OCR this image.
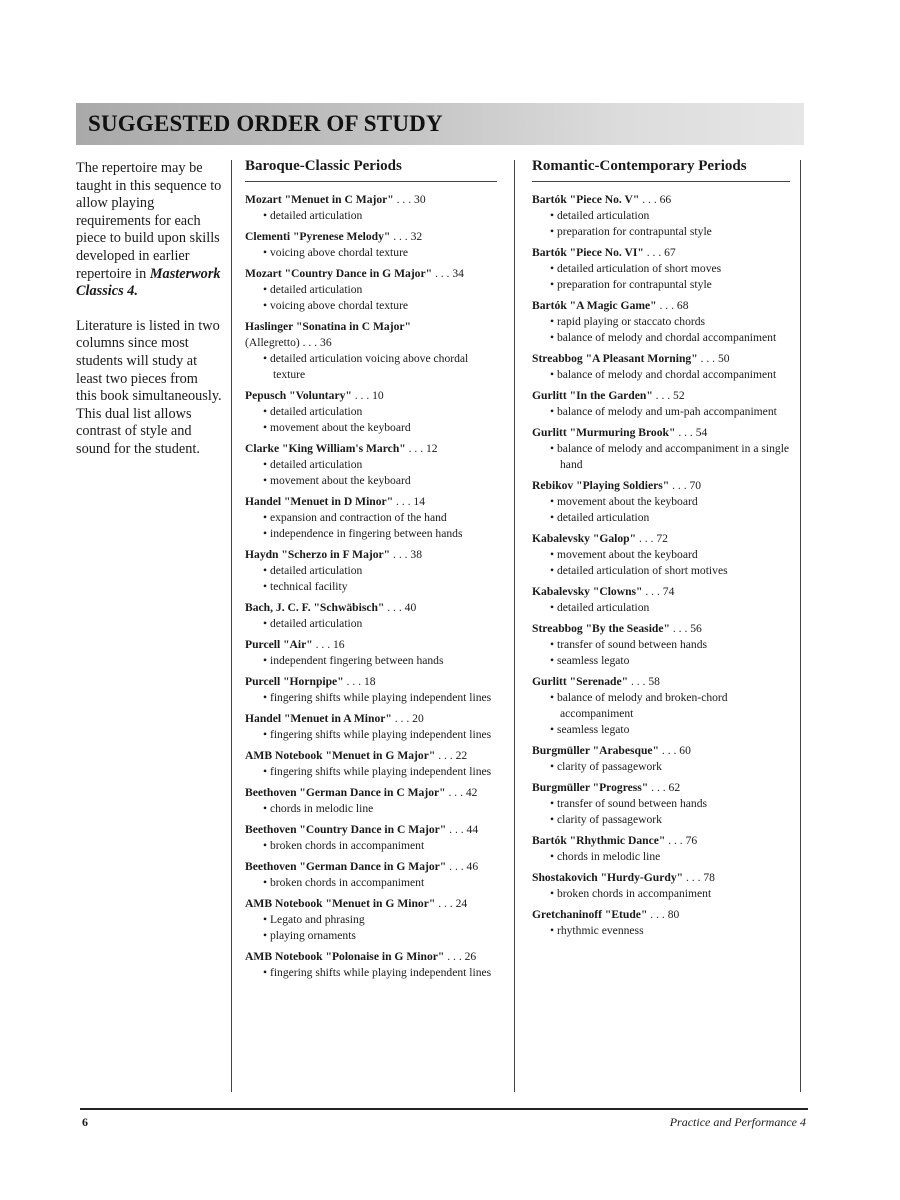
SUGGESTED ORDER OF STUDY

The repertoire may be taught in this sequence to allow playing requirements for each piece to build upon skills developed in earlier repertoire in Masterwork Classics 4.

Literature is listed in two columns since most students will study at least two pieces from this book simultaneously. This dual list allows contrast of style and sound for the student.

Baroque-Classic Periods
Mozart "Menuet in C Major" . . . 30
• detailed articulation
Clementi "Pyrenese Melody" . . . 32
• voicing above chordal texture
Mozart "Country Dance in G Major" . . . 34
• detailed articulation
• voicing above chordal texture
Haslinger "Sonatina in C Major"
(Allegretto) . . . 36
• detailed articulation voicing above chordal texture
Pepusch "Voluntary" . . . 10
• detailed articulation
• movement about the keyboard
Clarke "King William's March" . . . 12
• detailed articulation
• movement about the keyboard
Handel "Menuet in D Minor" . . . 14
• expansion and contraction of the hand
• independence in fingering between hands
Haydn "Scherzo in F Major" . . . 38
• detailed articulation
• technical facility
Bach, J. C. F. "Schwäbisch" . . . 40
• detailed articulation
Purcell "Air" . . . 16
• independent fingering between hands
Purcell "Hornpipe" . . . 18
• fingering shifts while playing independent lines
Handel "Menuet in A Minor" . . . 20
• fingering shifts while playing independent lines
AMB Notebook "Menuet in G Major" . . . 22
• fingering shifts while playing independent lines
Beethoven "German Dance in C Major" . . . 42
• chords in melodic line
Beethoven "Country Dance in C Major" . . . 44
• broken chords in accompaniment
Beethoven "German Dance in G Major" . . . 46
• broken chords in accompaniment
AMB Notebook "Menuet in G Minor" . . . 24
• Legato and phrasing
• playing ornaments
AMB Notebook "Polonaise in G Minor" . . . 26
• fingering shifts while playing independent lines
Romantic-Contemporary Periods
Bartók "Piece No. V" . . . 66
• detailed articulation
• preparation for contrapuntal style
Bartók "Piece No. VI" . . . 67
• detailed articulation of short moves
• preparation for contrapuntal style
Bartók "A Magic Game" . . . 68
• rapid playing or staccato chords
• balance of melody and chordal accompaniment
Streabbog "A Pleasant Morning" . . . 50
• balance of melody and chordal accompaniment
Gurlitt "In the Garden" . . . 52
• balance of melody and um-pah accompaniment
Gurlitt "Murmuring Brook" . . . 54
• balance of melody and accompaniment in a single hand
Rebikov "Playing Soldiers" . . . 70
• movement about the keyboard
• detailed articulation
Kabalevsky "Galop" . . . 72
• movement about the keyboard
• detailed articulation of short motives
Kabalevsky "Clowns" . . . 74
• detailed articulation
Streabbog "By the Seaside" . . . 56
• transfer of sound between hands
• seamless legato
Gurlitt "Serenade" . . . 58
• balance of melody and broken-chord accompaniment
• seamless legato
Burgmüller "Arabesque" . . . 60
• clarity of passagework
Burgmüller "Progress" . . . 62
• transfer of sound between hands
• clarity of passagework
Bartók "Rhythmic Dance" . . . 76
• chords in melodic line
Shostakovich "Hurdy-Gurdy" . . . 78
• broken chords in accompaniment
Gretchaninoff "Etude" . . . 80
• rhythmic evenness
6	Practice and Performance 4
